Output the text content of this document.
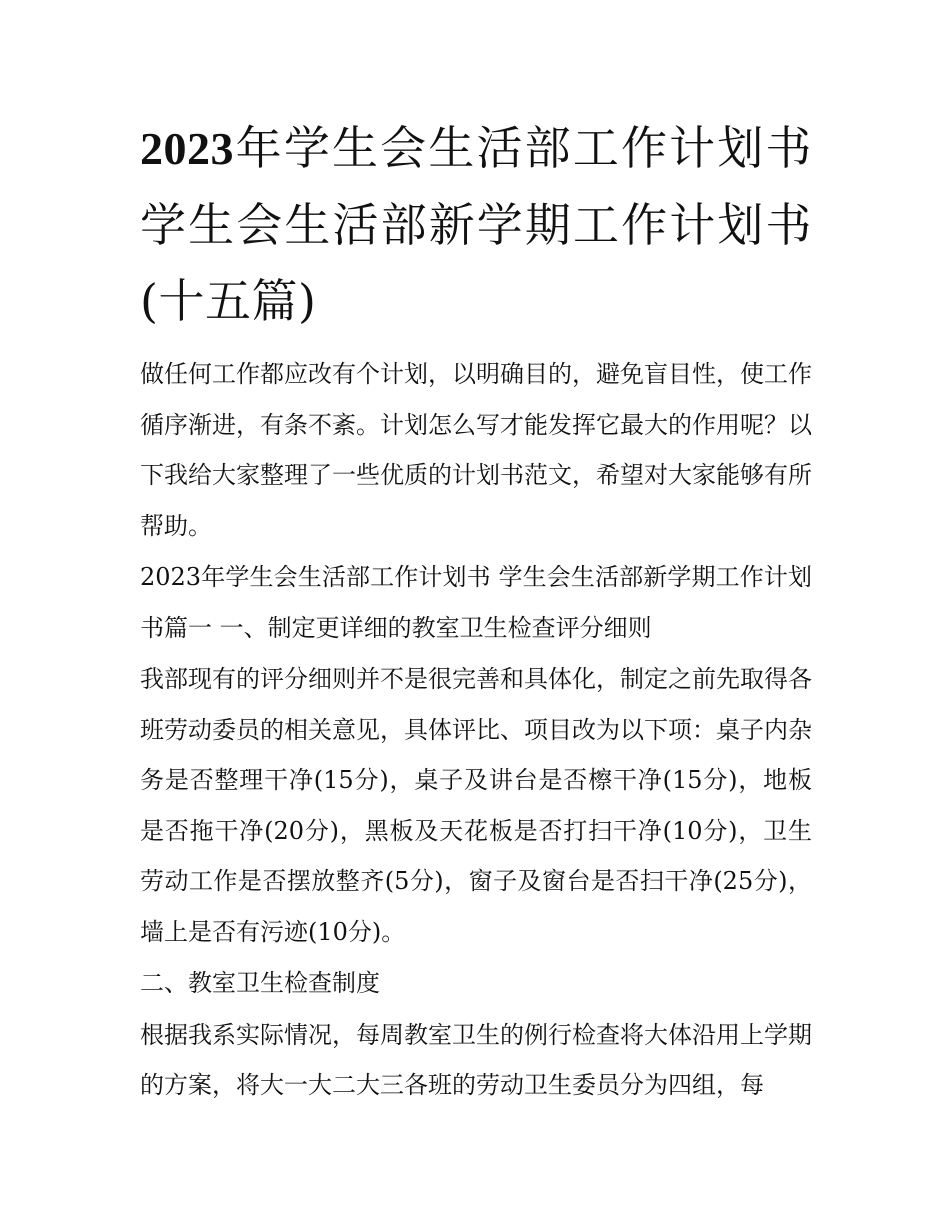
2023年学生会生活部工作计划书 学生会生活部新学期工作计划书(十五篇)

做任何工作都应改有个计划，以明确目的，避免盲目性，使工作循序渐进，有条不紊。计划怎么写才能发挥它最大的作用呢？以下我给大家整理了一些优质的计划书范文，希望对大家能够有所帮助。

2023年学生会生活部工作计划书 学生会生活部新学期工作计划书篇一 一、制定更详细的教室卫生检查评分细则

我部现有的评分细则并不是很完善和具体化，制定之前先取得各班劳动委员的相关意见，具体评比、项目改为以下项：桌子内杂务是否整理干净(15分)，桌子及讲台是否檫干净(15分)，地板是否拖干净(20分)，黑板及天花板是否打扫干净(10分)，卫生劳动工作是否摆放整齐(5分)，窗子及窗台是否扫干净(25分)，墙上是否有污迹(10分)。

二、教室卫生检查制度

根据我系实际情况，每周教室卫生的例行检查将大体沿用上学期的方案，将大一大二大三各班的劳动卫生委员分为四组，每
